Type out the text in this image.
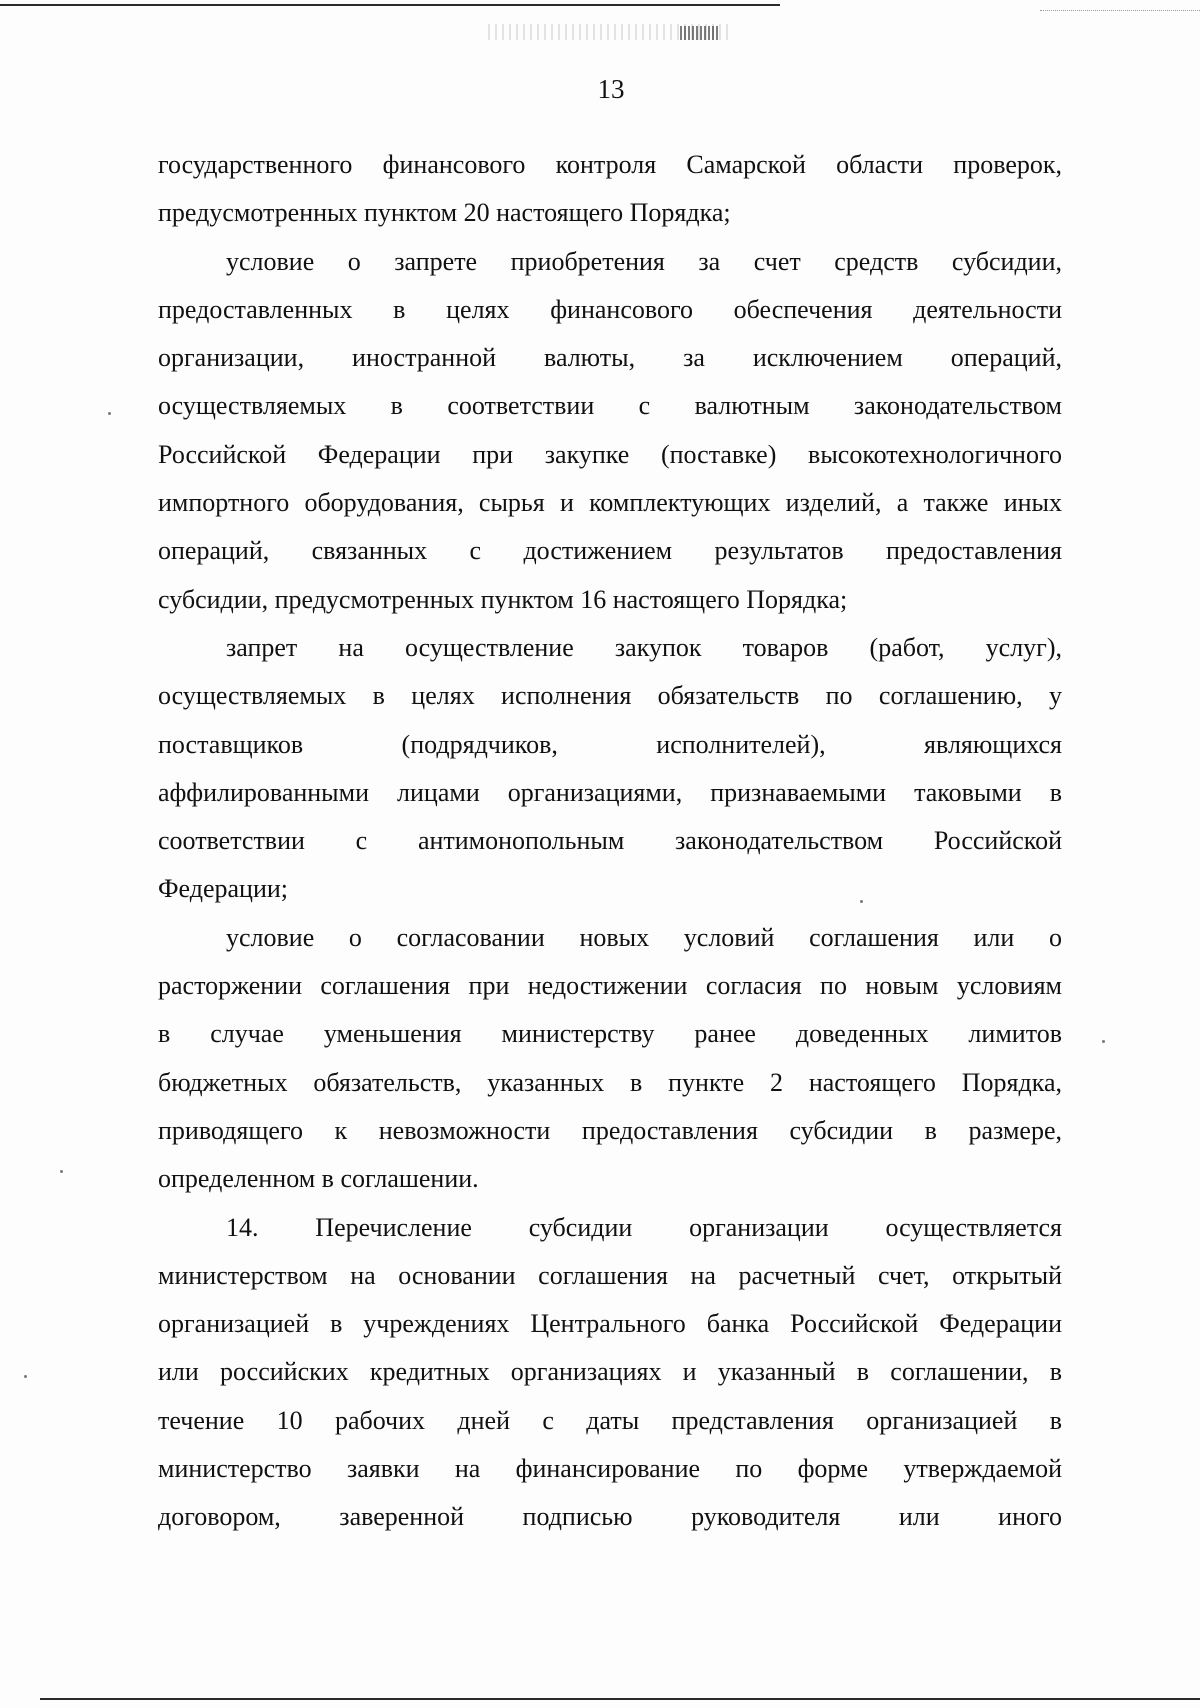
13
государственного финансового контроля Самарской области проверок,
предусмотренных пунктом 20 настоящего Порядка;
условие о запрете приобретения за счет средств субсидии,
предоставленных в целях финансового обеспечения деятельности
организации, иностранной валюты, за исключением операций,
осуществляемых в соответствии с валютным законодательством
Российской Федерации при закупке (поставке) высокотехнологичного
импортного оборудования, сырья и комплектующих изделий, а также иных
операций, связанных с достижением результатов предоставления
субсидии, предусмотренных пунктом 16 настоящего Порядка;
запрет на осуществление закупок товаров (работ, услуг),
осуществляемых в целях исполнения обязательств по соглашению, у
поставщиков (подрядчиков, исполнителей), являющихся
аффилированными лицами организациями, признаваемыми таковыми в
соответствии с антимонопольным законодательством Российской
Федерации;
условие о согласовании новых условий соглашения или о
расторжении соглашения при недостижении согласия по новым условиям
в случае уменьшения министерству ранее доведенных лимитов
бюджетных обязательств, указанных в пункте 2 настоящего Порядка,
приводящего к невозможности предоставления субсидии в размере,
определенном в соглашении.
14. Перечисление субсидии организации осуществляется
министерством на основании соглашения на расчетный счет, открытый
организацией в учреждениях Центрального банка Российской Федерации
или российских кредитных организациях и указанный в соглашении, в
течение 10 рабочих дней с даты представления организацией в
министерство заявки на финансирование по форме утверждаемой
договором, заверенной подписью руководителя или иного
